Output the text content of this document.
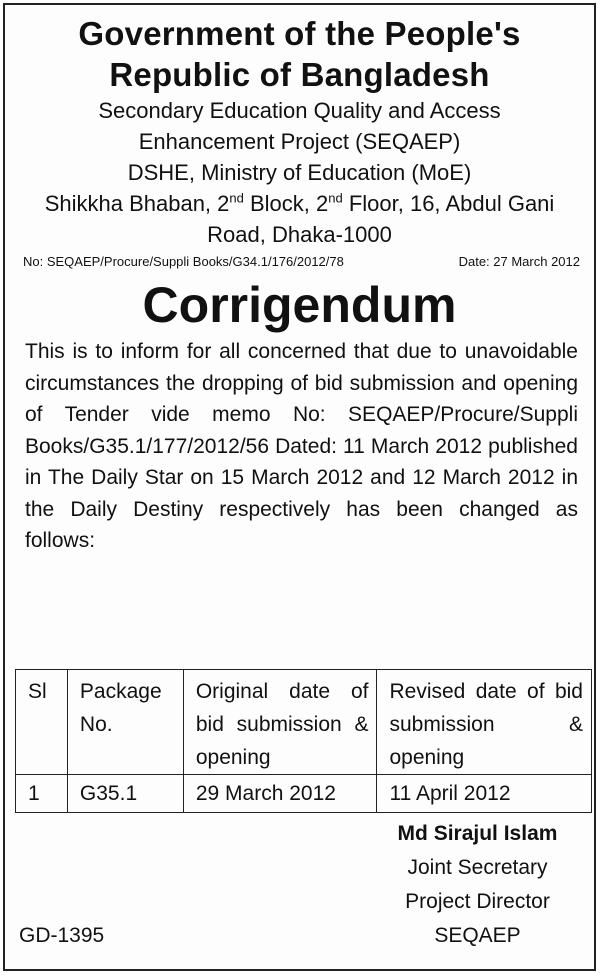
Government of the People's
Republic of Bangladesh
Secondary Education Quality and Access
Enhancement Project (SEQAEP)
DSHE, Ministry of Education (MoE)
Shikkha Bhaban, 2nd Block, 2nd Floor, 16, Abdul Gani
Road, Dhaka-1000
No: SEQAEP/Procure/Suppli Books/G34.1/176/2012/78	Date: 27 March 2012
Corrigendum

This is to inform for all concerned that due to unavoidable circumstances the dropping of bid submission and opening of Tender vide memo No: SEQAEP/Procure/Suppli Books/G35.1/177/2012/56 Dated: 11 March 2012 published in The Daily Star on 15 March 2012 and 12 March 2012 in the Daily Destiny respectively has been changed as follows:

Sl	Package No.	Original date of bid submission & opening	Revised date of bid submission & opening
1	G35.1	29 March 2012	11 April 2012
Md Sirajul Islam
Joint Secretary
Project Director
SEQAEP
GD-1395
